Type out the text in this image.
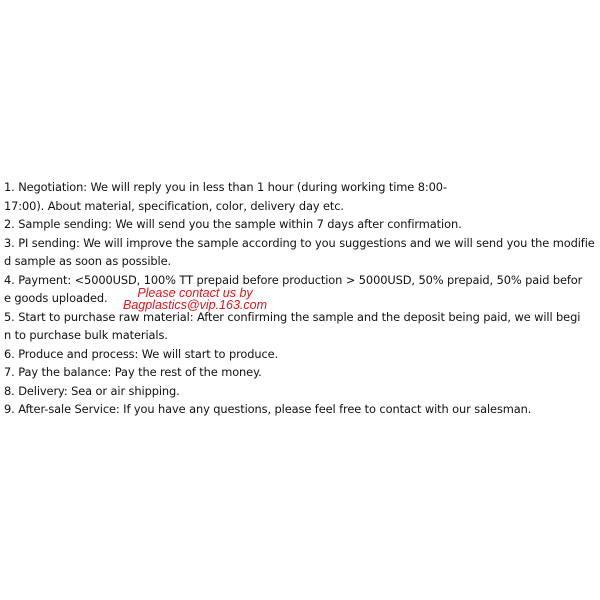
1. Negotiation: We will reply you in less than 1 hour (during working time 8:00-
17:00). About material, specification, color, delivery day etc.
2. Sample sending: We will send you the sample within 7 days after confirmation.
3. PI sending: We will improve the sample according to you suggestions and we will send you the modifie
d sample as soon as possible.
4. Payment: <5000USD, 100% TT prepaid before production > 5000USD, 50% prepaid, 50% paid befor
e goods uploaded.
5. Start to purchase raw material: After confirming the sample and the deposit being paid, we will begi
n to purchase bulk materials.
6. Produce and process: We will start to produce.
7. Pay the balance: Pay the rest of the money.
8. Delivery: Sea or air shipping.
9. After-sale Service: If you have any questions, please feel free to contact with our salesman.
Please contact us by
Bagplastics@vip.163.com
